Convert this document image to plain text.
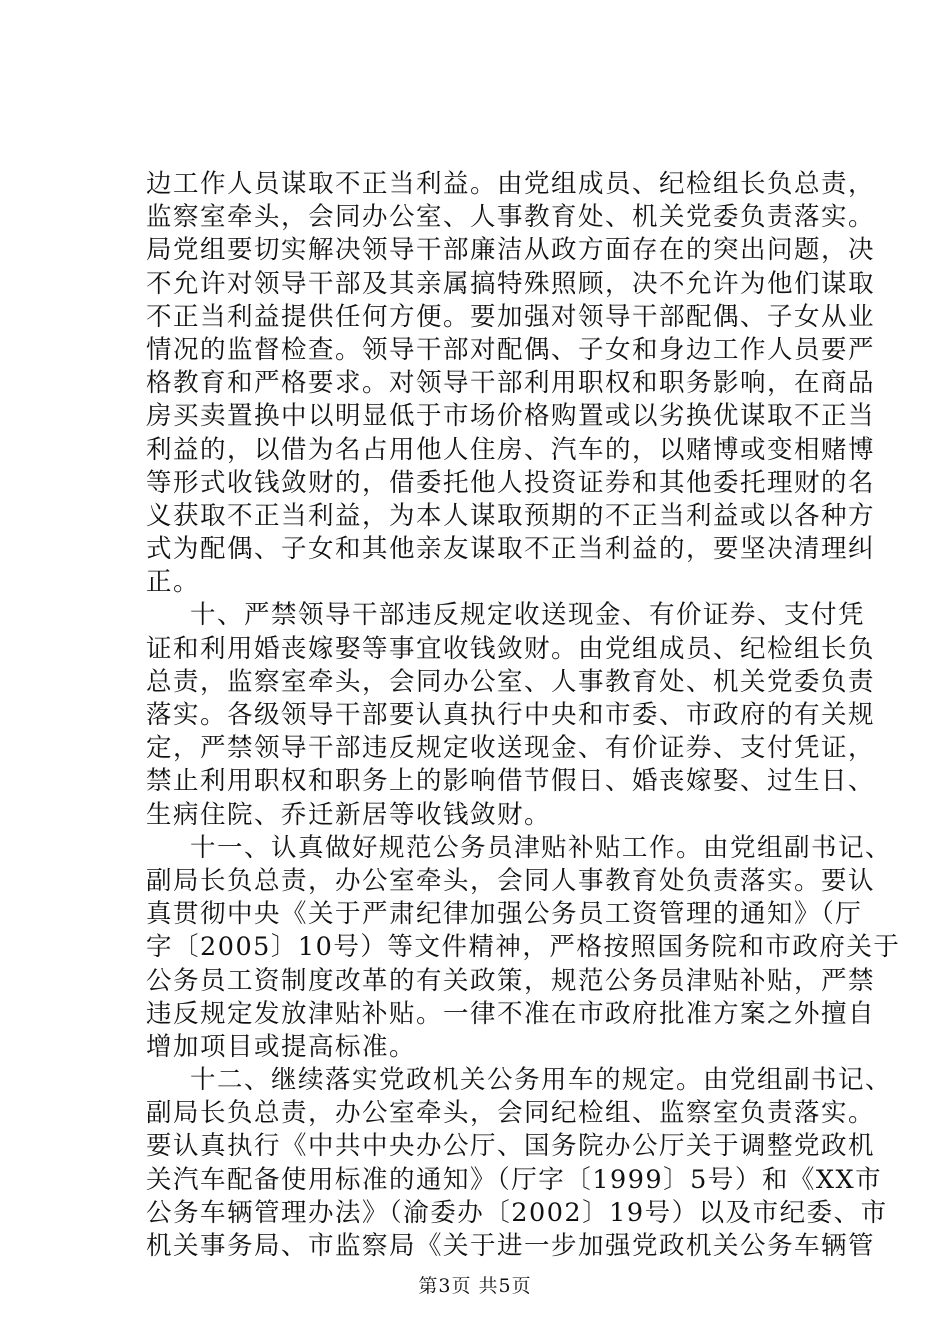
边工作人员谋取不正当利益。由党组成员、纪检组长负总责，
监察室牵头，会同办公室、人事教育处、机关党委负责落实。
局党组要切实解决领导干部廉洁从政方面存在的突出问题，决
不允许对领导干部及其亲属搞特殊照顾，决不允许为他们谋取
不正当利益提供任何方便。要加强对领导干部配偶、子女从业
情况的监督检查。领导干部对配偶、子女和身边工作人员要严
格教育和严格要求。对领导干部利用职权和职务影响，在商品
房买卖置换中以明显低于市场价格购置或以劣换优谋取不正当
利益的，以借为名占用他人住房、汽车的，以赌博或变相赌博
等形式收钱敛财的，借委托他人投资证券和其他委托理财的名
义获取不正当利益，为本人谋取预期的不正当利益或以各种方
式为配偶、子女和其他亲友谋取不正当利益的，要坚决清理纠
正。
十、严禁领导干部违反规定收送现金、有价证券、支付凭
证和利用婚丧嫁娶等事宜收钱敛财。由党组成员、纪检组长负
总责，监察室牵头，会同办公室、人事教育处、机关党委负责
落实。各级领导干部要认真执行中央和市委、市政府的有关规
定，严禁领导干部违反规定收送现金、有价证券、支付凭证，
禁止利用职权和职务上的影响借节假日、婚丧嫁娶、过生日、
生病住院、乔迁新居等收钱敛财。
十一、认真做好规范公务员津贴补贴工作。由党组副书记、
副局长负总责，办公室牵头，会同人事教育处负责落实。要认
真贯彻中央《关于严肃纪律加强公务员工资管理的通知》（厅
字〔2005〕10号）等文件精神，严格按照国务院和市政府关于
公务员工资制度改革的有关政策，规范公务员津贴补贴，严禁
违反规定发放津贴补贴。一律不准在市政府批准方案之外擅自
增加项目或提高标准。
十二、继续落实党政机关公务用车的规定。由党组副书记、
副局长负总责，办公室牵头，会同纪检组、监察室负责落实。
要认真执行《中共中央办公厅、国务院办公厅关于调整党政机
关汽车配备使用标准的通知》（厅字〔1999〕5号）和《XX市
公务车辆管理办法》（渝委办〔2002〕19号）以及市纪委、市
机关事务局、市监察局《关于进一步加强党政机关公务车辆管
第3页 共5页
